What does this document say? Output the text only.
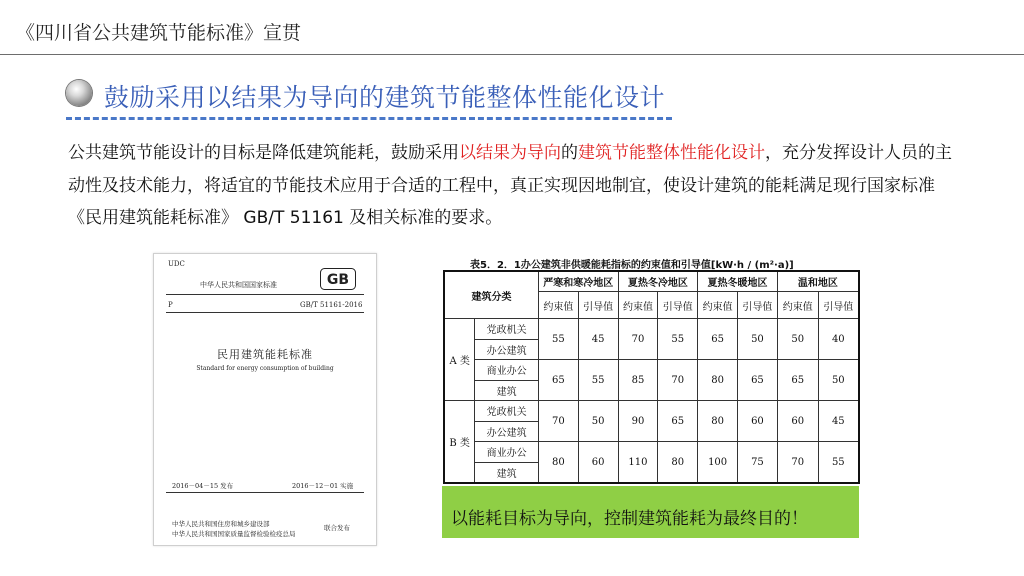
《四川省公共建筑节能标准》宣贯
鼓励采用以结果为导向的建筑节能整体性能化设计
公共建筑节能设计的目标是降低建筑能耗，鼓励采用以结果为导向的建筑节能整体性能化设计，充分发挥设计人员的主动性及技术能力，将适宜的节能技术应用于合适的工程中，真正实现因地制宜，使设计建筑的能耗满足现行国家标准《民用建筑能耗标准》 GB/T 51161 及相关标准的要求。
UDC
中华人民共和国国家标准	GB
P	GB/T 51161-2016
民用建筑能耗标准
Standard for energy consumption of building
2016－04－15 发布	2016－12－01 实施
中华人民共和国住房和城乡建设部
中华人民共和国国家质量监督检验检疫总局
联合发布
表5．2．1办公建筑非供暖能耗指标的约束值和引导值[kW·h / (m²·a)]
建筑分类		严寒和寒冷地区		夏热冬冷地区		夏热冬暖地区		温和地区	
		约束值	引导值	约束值	引导值	约束值	引导值	约束值	引导值
A 类	党政机关	55	45	70	55	65	50	50	40
	办公建筑								
	商业办公	65	55	85	70	80	65	65	50
	建筑								
B 类	党政机关	70	50	90	65	80	60	60	45
	办公建筑								
	商业办公	80	60	110	80	100	75	70	55
	建筑								
以能耗目标为导向，控制建筑能耗为最终目的！
